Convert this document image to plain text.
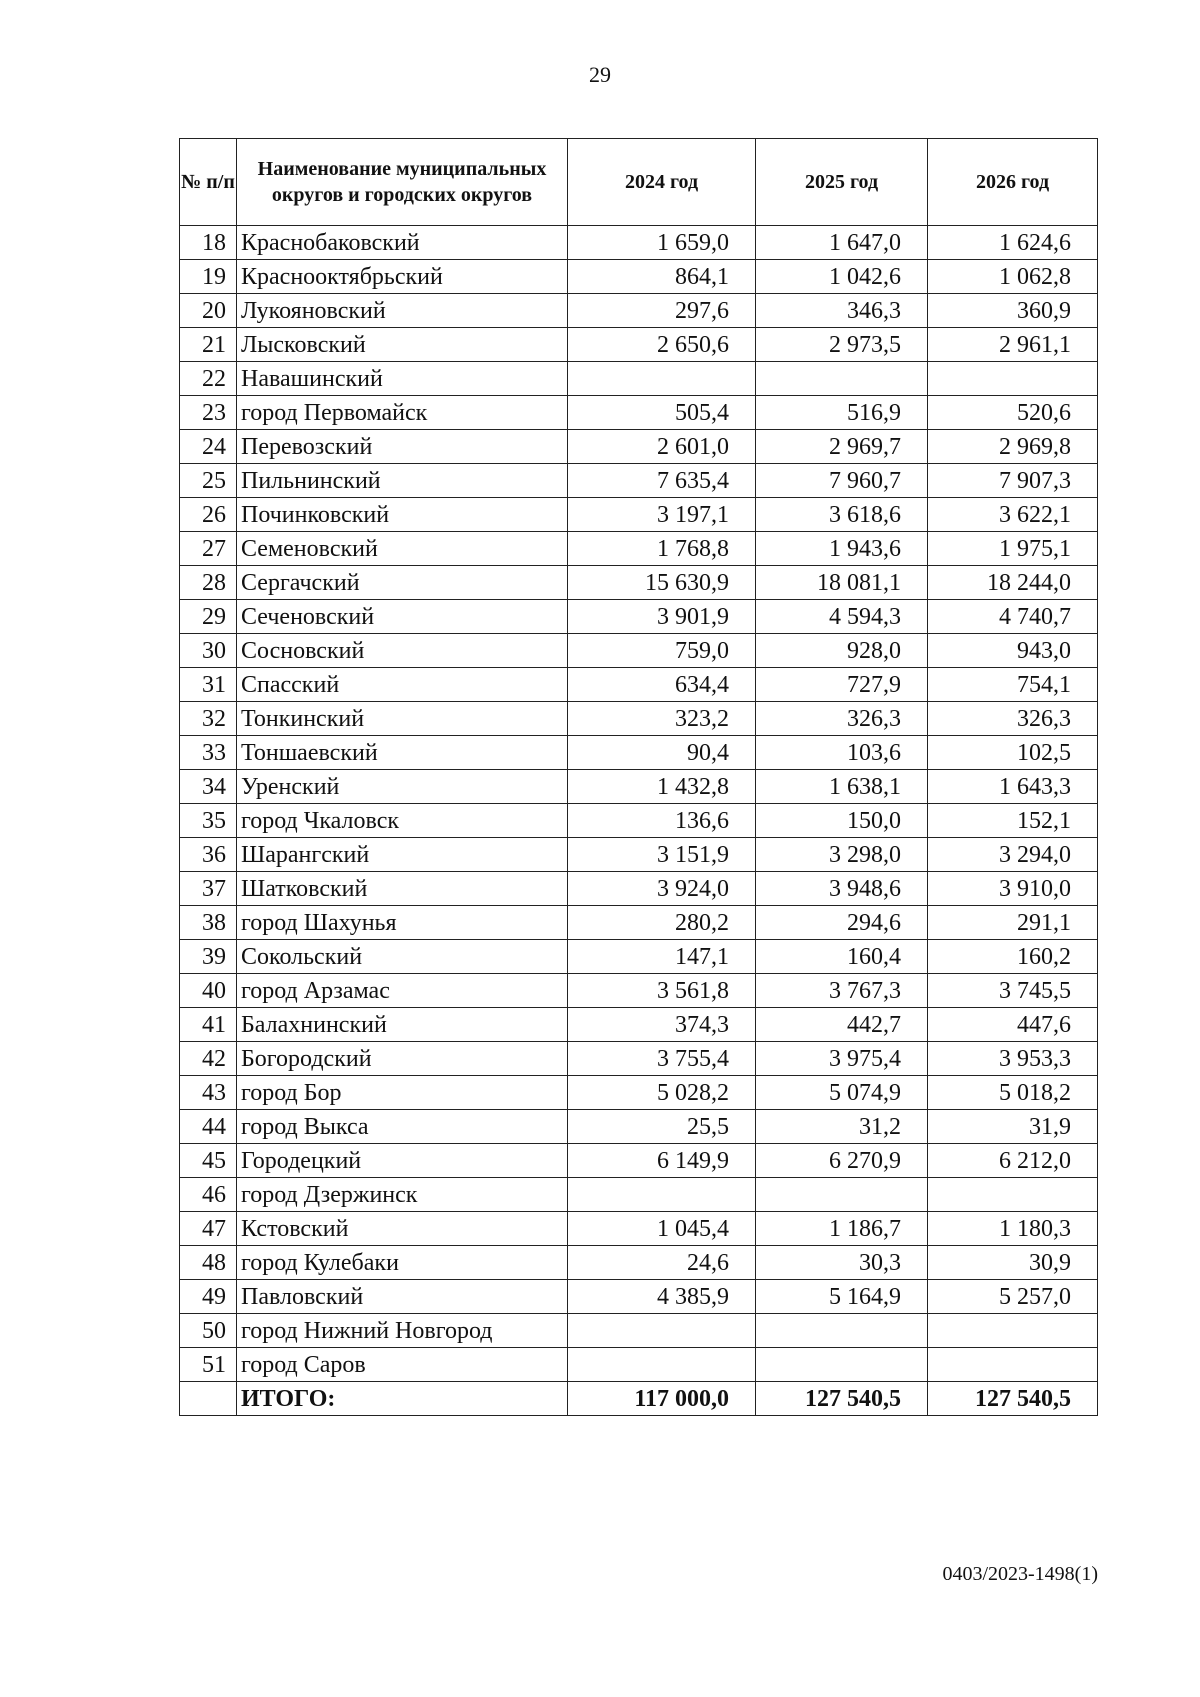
29
№ п/п	Наименование муниципальных округов и городских округов	2024 год	2025 год	2026 год
18	Краснобаковский	1 659,0	1 647,0	1 624,6
19	Краснооктябрьский	864,1	1 042,6	1 062,8
20	Лукояновский	297,6	346,3	360,9
21	Лысковский	2 650,6	2 973,5	2 961,1
22	Навашинский			
23	город Первомайск	505,4	516,9	520,6
24	Перевозский	2 601,0	2 969,7	2 969,8
25	Пильнинский	7 635,4	7 960,7	7 907,3
26	Починковский	3 197,1	3 618,6	3 622,1
27	Семеновский	1 768,8	1 943,6	1 975,1
28	Сергачский	15 630,9	18 081,1	18 244,0
29	Сеченовский	3 901,9	4 594,3	4 740,7
30	Сосновский	759,0	928,0	943,0
31	Спасский	634,4	727,9	754,1
32	Тонкинский	323,2	326,3	326,3
33	Тоншаевский	90,4	103,6	102,5
34	Уренский	1 432,8	1 638,1	1 643,3
35	город Чкаловск	136,6	150,0	152,1
36	Шарангский	3 151,9	3 298,0	3 294,0
37	Шатковский	3 924,0	3 948,6	3 910,0
38	город Шахунья	280,2	294,6	291,1
39	Сокольский	147,1	160,4	160,2
40	город Арзамас	3 561,8	3 767,3	3 745,5
41	Балахнинский	374,3	442,7	447,6
42	Богородский	3 755,4	3 975,4	3 953,3
43	город Бор	5 028,2	5 074,9	5 018,2
44	город Выкса	25,5	31,2	31,9
45	Городецкий	6 149,9	6 270,9	6 212,0
46	город Дзержинск			
47	Кстовский	1 045,4	1 186,7	1 180,3
48	город Кулебаки	24,6	30,3	30,9
49	Павловский	4 385,9	5 164,9	5 257,0
50	город Нижний Новгород			
51	город Саров			
	ИТОГО:	117 000,0	127 540,5	127 540,5
0403/2023-1498(1)
